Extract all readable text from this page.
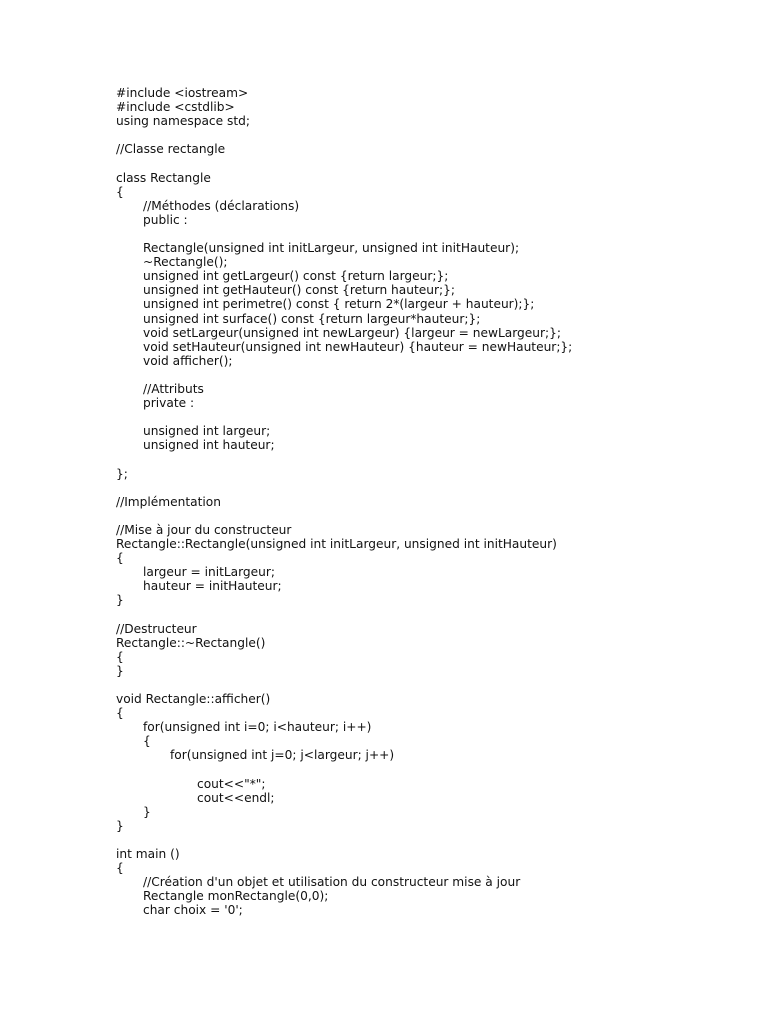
#include <iostream>
#include <cstdlib>
using namespace std;
//Classe rectangle
class Rectangle
{
//Méthodes (déclarations)
public :
Rectangle(unsigned int initLargeur, unsigned int initHauteur);
~Rectangle();
unsigned int getLargeur() const {return largeur;};
unsigned int getHauteur() const {return hauteur;};
unsigned int perimetre() const { return 2*(largeur + hauteur);};
unsigned int surface() const {return largeur*hauteur;};
void setLargeur(unsigned int newLargeur) {largeur = newLargeur;};
void setHauteur(unsigned int newHauteur) {hauteur = newHauteur;};
void afficher();
//Attributs
private :
unsigned int largeur;
unsigned int hauteur;
};
//Implémentation
//Mise à jour du constructeur
Rectangle::Rectangle(unsigned int initLargeur, unsigned int initHauteur)
{
largeur = initLargeur;
hauteur = initHauteur;
}
//Destructeur
Rectangle::~Rectangle()
{
}
void Rectangle::afficher()
{
for(unsigned int i=0; i<hauteur; i++)
{
for(unsigned int j=0; j<largeur; j++)
cout<<"*";
cout<<endl;
}
}
int main ()
{
//Création d'un objet et utilisation du constructeur mise à jour
Rectangle monRectangle(0,0);
char choix = '0';
